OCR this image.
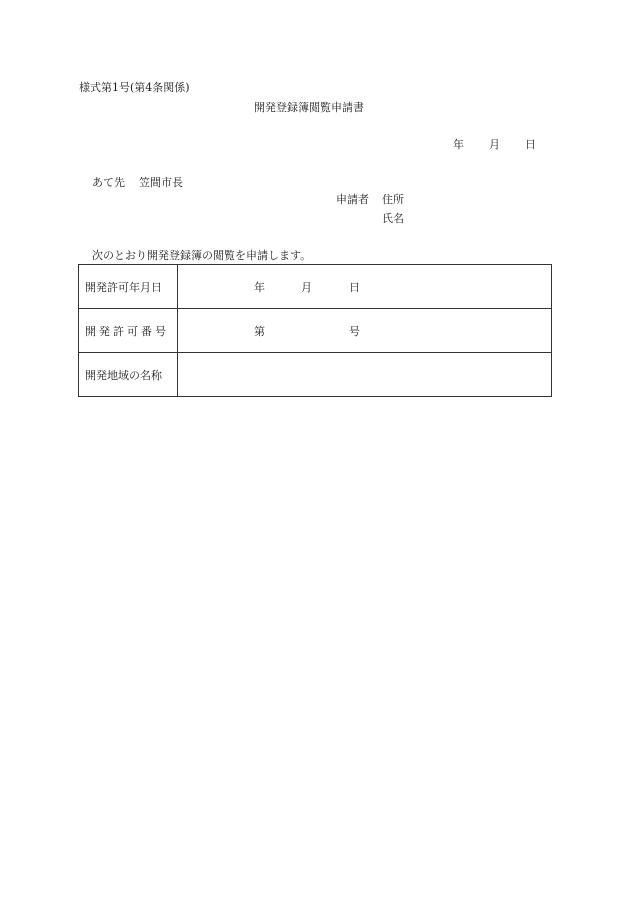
様式第1号(第4条関係)
開発登録簿閲覧申請書
年 月 日
あて先 笠間市長
申請者 住所
氏名
次のとおり開発登録簿の閲覧を申請します。
開発許可年月日	年 月 日

開発許可番号	第 号

開発地域の名称	
